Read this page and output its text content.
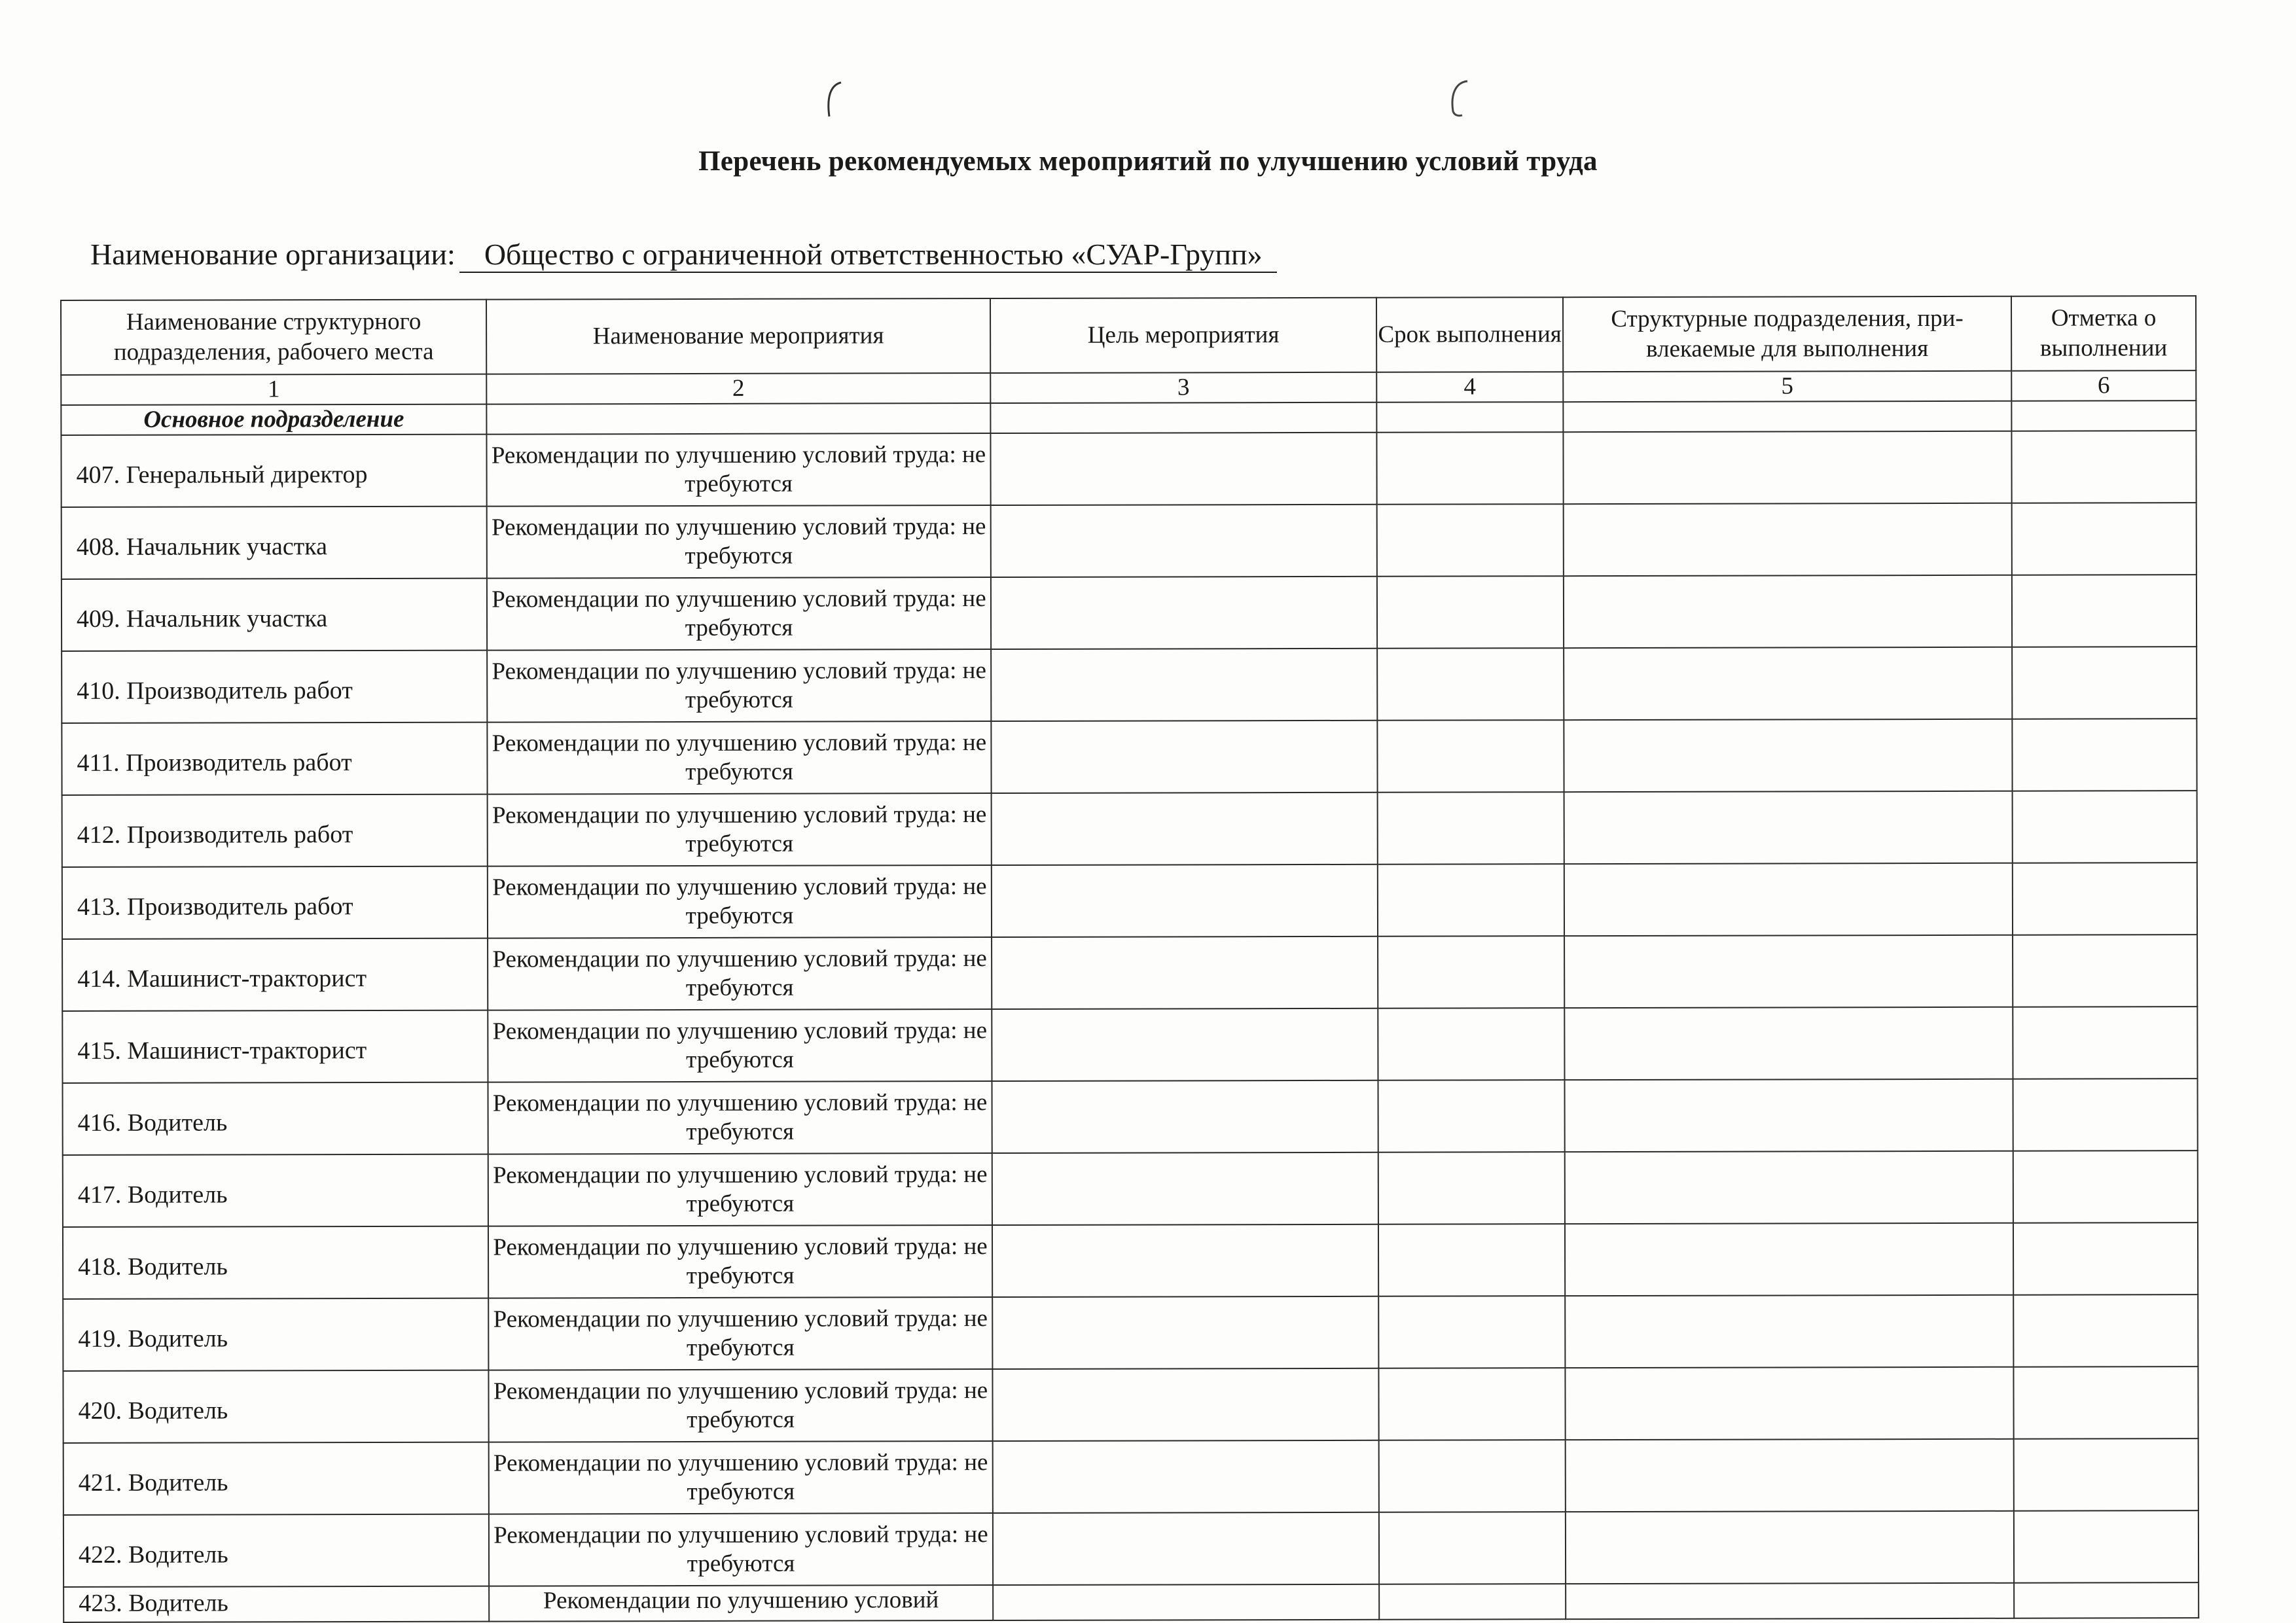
Перечень рекомендуемых мероприятий по улучшению условий труда
Наименование организации: Общество с ограниченной ответственностью «СУАР-Групп»
Наименование структурного подразделения, рабочего места	Наименование мероприятия	Цель мероприятия	Срок выполнения	Структурные подразделения, при-влекаемые для выполнения	Отметка о выполнении
1	2	3	4	5	6
Основное подразделение					
407. Генеральный директор	Рекомендации по улучшению условий труда: не требуются				
408. Начальник участка	Рекомендации по улучшению условий труда: не требуются				
409. Начальник участка	Рекомендации по улучшению условий труда: не требуются				
410. Производитель работ	Рекомендации по улучшению условий труда: не требуются				
411. Производитель работ	Рекомендации по улучшению условий труда: не требуются				
412. Производитель работ	Рекомендации по улучшению условий труда: не требуются				
413. Производитель работ	Рекомендации по улучшению условий труда: не требуются				
414. Машинист-тракторист	Рекомендации по улучшению условий труда: не требуются				
415. Машинист-тракторист	Рекомендации по улучшению условий труда: не требуются				
416. Водитель	Рекомендации по улучшению условий труда: не требуются				
417. Водитель	Рекомендации по улучшению условий труда: не требуются				
418. Водитель	Рекомендации по улучшению условий труда: не требуются				
419. Водитель	Рекомендации по улучшению условий труда: не требуются				
420. Водитель	Рекомендации по улучшению условий труда: не требуются				
421. Водитель	Рекомендации по улучшению условий труда: не требуются				
422. Водитель	Рекомендации по улучшению условий труда: не требуются				
423. Водитель	Рекомендации по улучшению условий				
